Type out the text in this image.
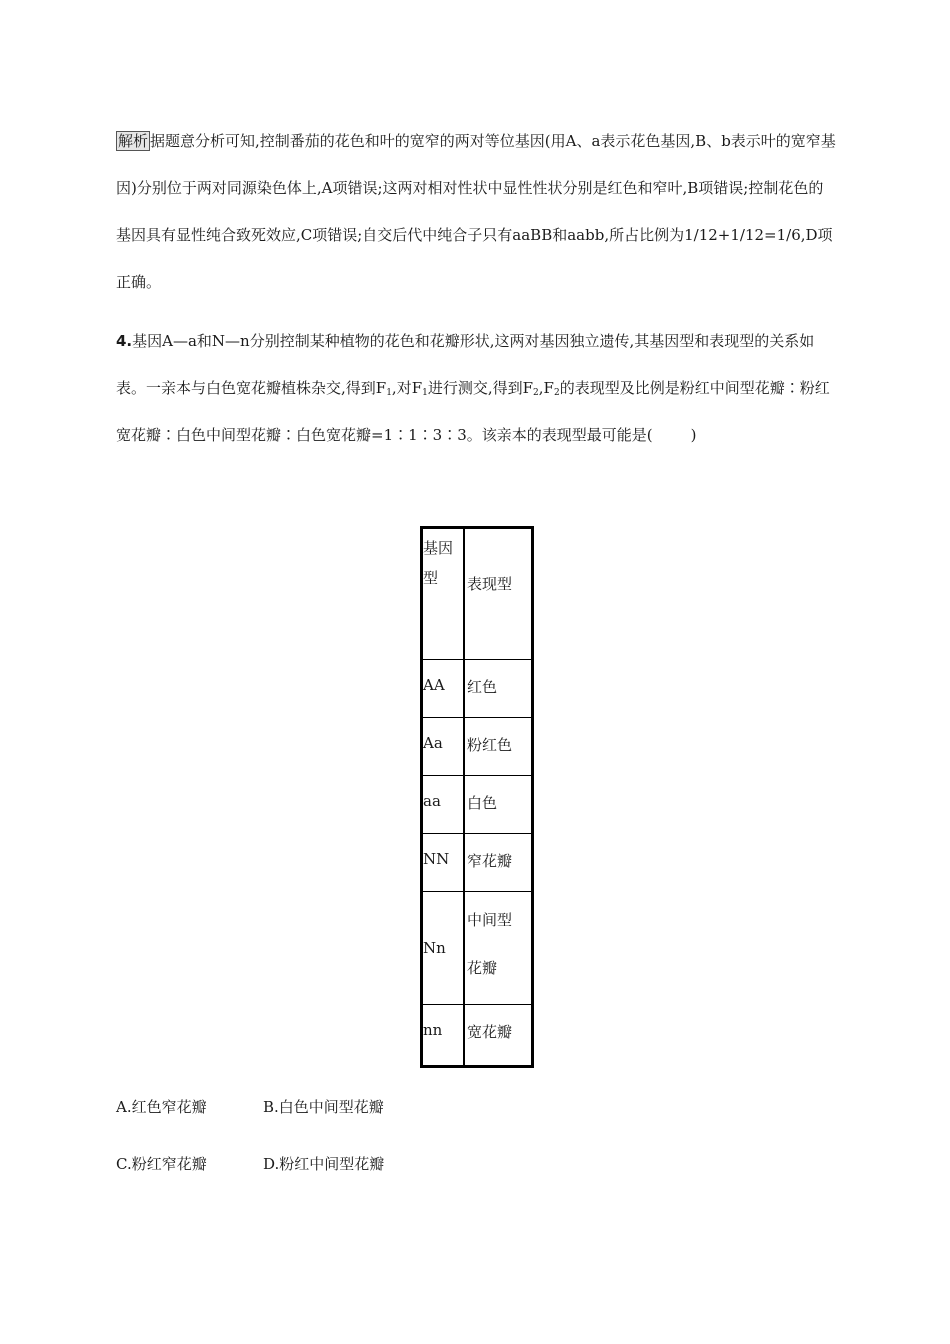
解析 据题意分析可知,控制番茄的花色和叶的宽窄的两对等位基因(用A、a表示花色基因,B、b表示叶的宽窄基因)分别位于两对同源染色体上,A项错误;这两对相对性状中显性性状分别是红色和窄叶,B项错误;控制花色的基因具有显性纯合致死效应,C项错误;自交后代中纯合子只有aaBB和aabb,所占比例为1/12+1/12=1/6,D项正确。

4.基因A—a和N—n分别控制某种植物的花色和花瓣形状,这两对基因独立遗传,其基因型和表现型的关系如表。一亲本与白色宽花瓣植株杂交,得到$F_1$,对$F_1$进行测交,得到$F_2,F_2$的表现型及比例是粉红中间型花瓣∶粉红宽花瓣∶白色中间型花瓣∶白色宽花瓣=1∶1∶3∶3。该亲本的表现型最可能是(	)

基因
型	表现型
AA	红色
Aa	粉红色
aa	白色
NN	窄花瓣
Nn	中间型
花瓣
nn	宽花瓣
A.红色窄花瓣	B.白色中间型花瓣
C.粉红窄花瓣	D.粉红中间型花瓣
